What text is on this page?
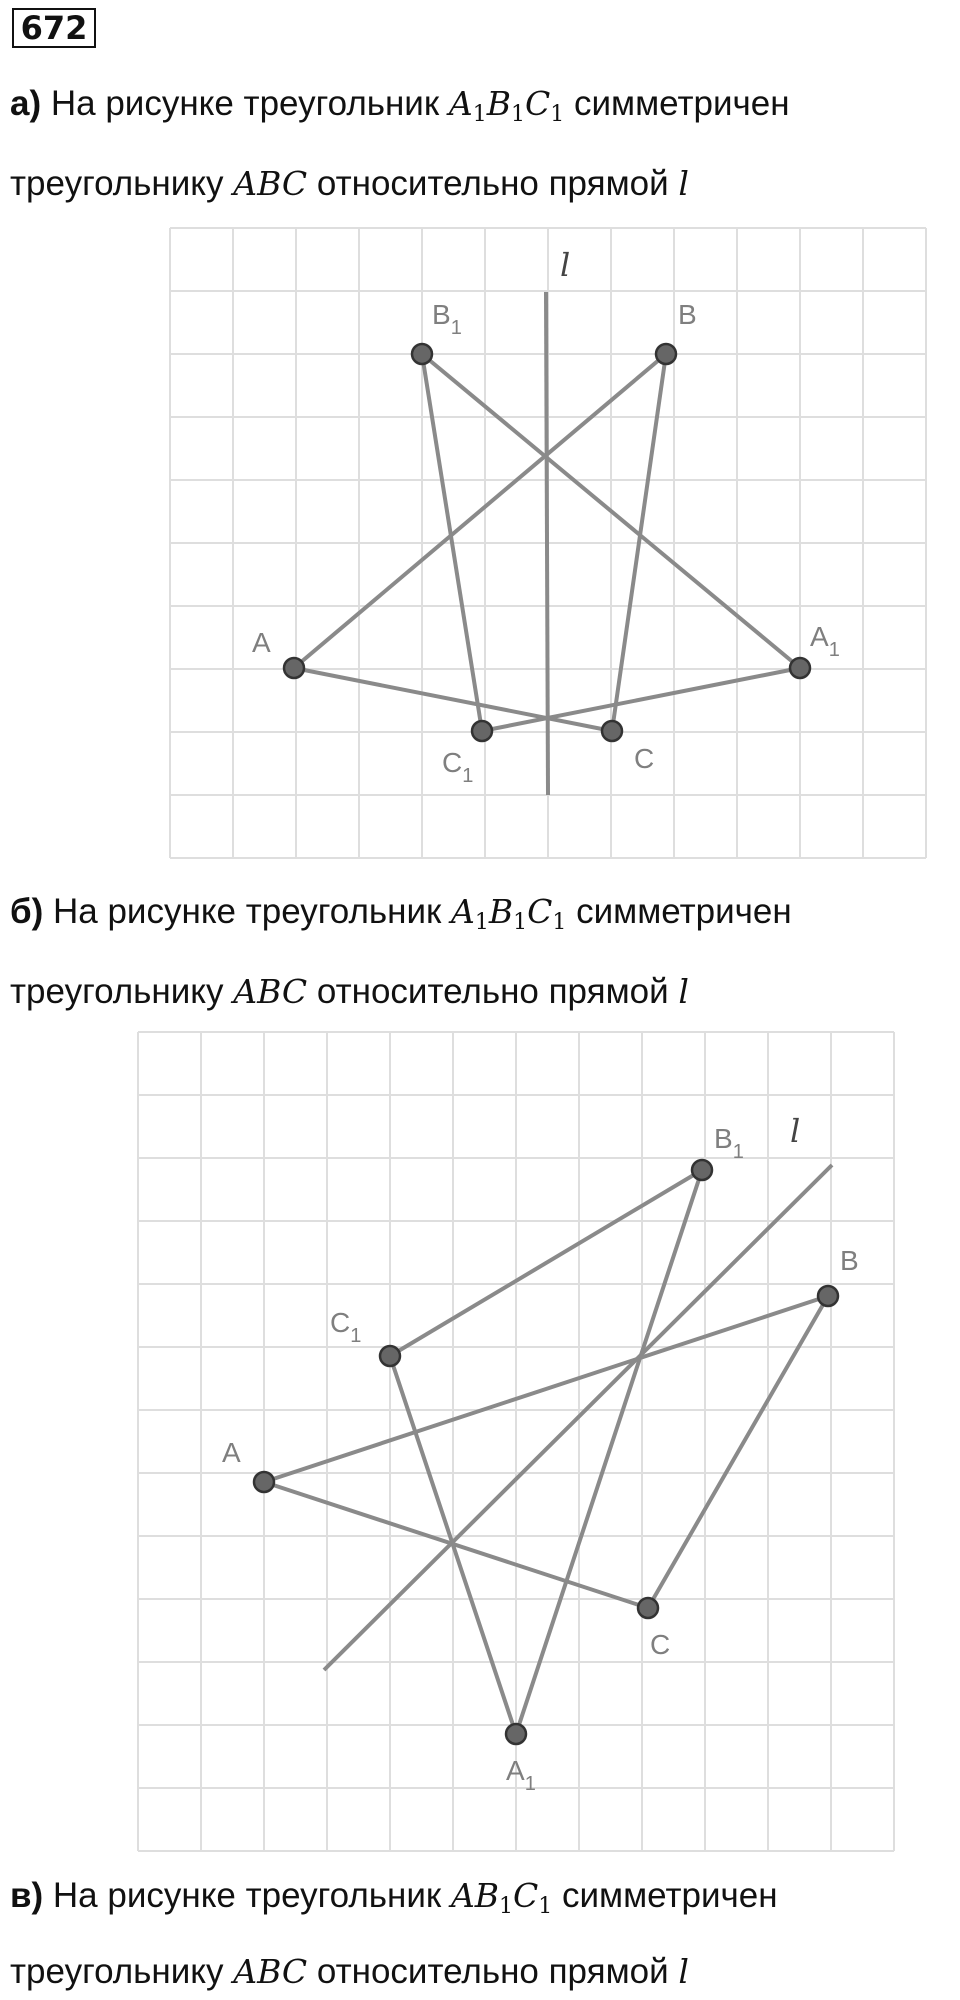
672
а) На рисунке треугольник $A_1B_1C_1$ симметричен
треугольнику ABC относительно прямой l
l
$B_1$	B
A	$A_1$
$C_1$
C
б) На рисунке треугольник $A_1B_1C_1$ симметричен
треугольнику ABC относительно прямой l
l
$B_1$
B
$C_1$
A
C
$A_1$
в) На рисунке треугольник $AB_1C_1$ симметричен
треугольнику ABC относительно прямой l
